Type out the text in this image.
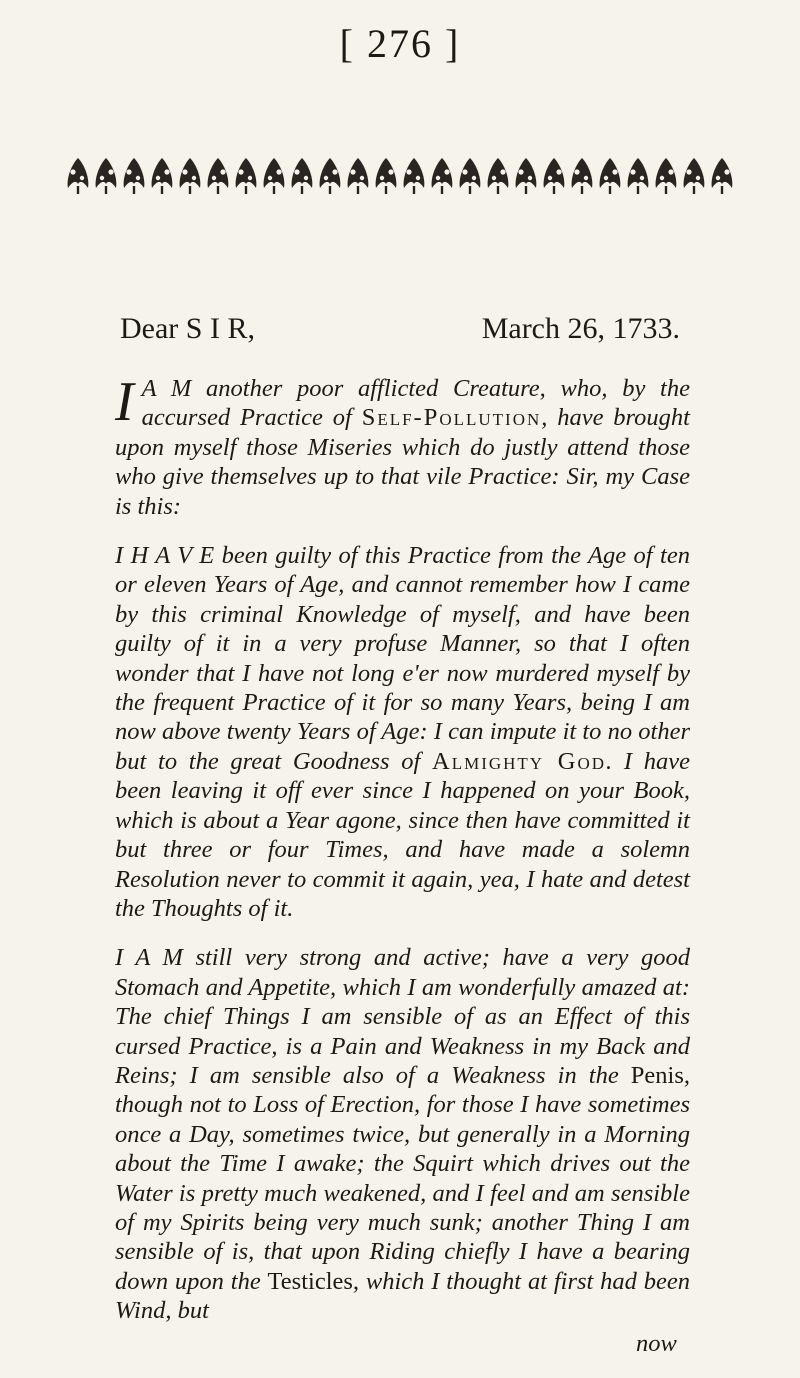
[ 276 ]
Dear S I R,	March 26, 1733.

I A M another poor afflicted Creature, who, by the accursed Practice of Self-Pollution, have brought upon myself those Miseries which do justly attend those who give themselves up to that vile Practice: Sir, my Case is this:

I H A V E been guilty of this Practice from the Age of ten or eleven Years of Age, and cannot remember how I came by this criminal Knowledge of myself, and have been guilty of it in a very profuse Manner, so that I often wonder that I have not long e'er now murdered myself by the frequent Practice of it for so many Years, being I am now above twenty Years of Age: I can impute it to no other but to the great Goodness of Almighty God. I have been leaving it off ever since I happened on your Book, which is about a Year agone, since then have committed it but three or four Times, and have made a solemn Resolution never to commit it again, yea, I hate and detest the Thoughts of it.

I A M still very strong and active; have a very good Stomach and Appetite, which I am wonderfully amazed at: The chief Things I am sensible of as an Effect of this cursed Practice, is a Pain and Weakness in my Back and Reins; I am sensible also of a Weakness in the Penis, though not to Loss of Erection, for those I have sometimes once a Day, sometimes twice, but generally in a Morning about the Time I awake; the Squirt which drives out the Water is pretty much weakened, and I feel and am sensible of my Spirits being very much sunk; another Thing I am sensible of is, that upon Riding chiefly I have a bearing down upon the Testicles, which I thought at first had been Wind, but

now
